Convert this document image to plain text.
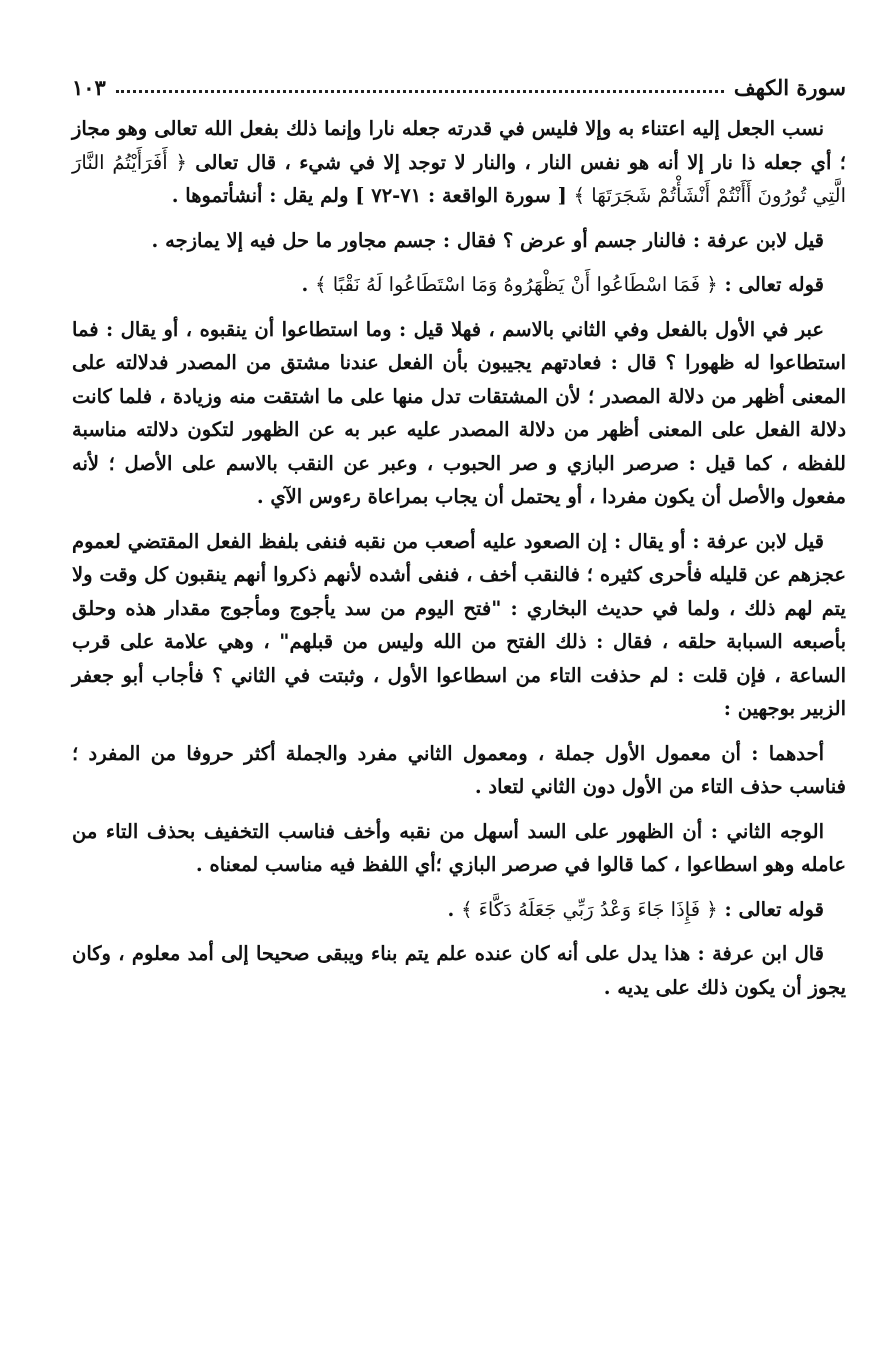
سورة الكهف
١٠٣

نسب الجعل إليه اعتناء به وإلا فليس في قدرته جعله نارا وإنما ذلك بفعل الله تعالى وهو مجاز ؛ أي جعله ذا نار إلا أنه هو نفس النار ، والنار لا توجد إلا في شيء ، قال تعالى ﴿ أَفَرَأَيْتُمُ النَّارَ الَّتِي تُورُونَ أَأَنْتُمْ أَنْشَأْتُمْ شَجَرَتَهَا ﴾ [ سورة الواقعة : ٧١-٧٢ ] ولم يقل : أنشأتموها .

قيل لابن عرفة : فالنار جسم أو عرض ؟ فقال : جسم مجاور ما حل فيه إلا يمازجه .

قوله تعالى : ﴿ فَمَا اسْطَاعُوا أَنْ يَظْهَرُوهُ وَمَا اسْتَطَاعُوا لَهُ نَقْبًا ﴾ .

عبر في الأول بالفعل وفي الثاني بالاسم ، فهلا قيل : وما استطاعوا أن ينقبوه ، أو يقال : فما استطاعوا له ظهورا ؟ قال : فعادتهم يجيبون بأن الفعل عندنا مشتق من المصدر فدلالته على المعنى أظهر من دلالة المصدر ؛ لأن المشتقات تدل منها على ما اشتقت منه وزيادة ، فلما كانت دلالة الفعل على المعنى أظهر من دلالة المصدر عليه عبر به عن الظهور لتكون دلالته مناسبة للفظه ، كما قيل : صرصر البازي و صر الحبوب ، وعبر عن النقب بالاسم على الأصل ؛ لأنه مفعول والأصل أن يكون مفردا ، أو يحتمل أن يجاب بمراعاة رءوس الآي .

قيل لابن عرفة : أو يقال : إن الصعود عليه أصعب من نقبه فنفى بلفظ الفعل المقتضي لعموم عجزهم عن قليله فأحرى كثيره ؛ فالنقب أخف ، فنفى أشده لأنهم ذكروا أنهم ينقبون كل وقت ولا يتم لهم ذلك ، ولما في حديث البخاري : "فتح اليوم من سد يأجوج ومأجوج مقدار هذه وحلق بأصبعه السبابة حلقه ، فقال : ذلك الفتح من الله وليس من قبلهم" ، وهي علامة على قرب الساعة ، فإن قلت : لم حذفت التاء من اسطاعوا الأول ، وثبتت في الثاني ؟ فأجاب أبو جعفر الزبير بوجهين :

أحدهما : أن معمول الأول جملة ، ومعمول الثاني مفرد والجملة أكثر حروفا من المفرد ؛ فناسب حذف التاء من الأول دون الثاني لتعاد .

الوجه الثاني : أن الظهور على السد أسهل من نقبه وأخف فناسب التخفيف بحذف التاء من عامله وهو اسطاعوا ، كما قالوا في صرصر البازي ؛أي اللفظ فيه مناسب لمعناه .

قوله تعالى : ﴿ فَإِذَا جَاءَ وَعْدُ رَبِّي جَعَلَهُ دَكَّاءَ ﴾ .

قال ابن عرفة : هذا يدل على أنه كان عنده علم يتم بناء ويبقى صحيحا إلى أمد معلوم ، وكان يجوز أن يكون ذلك على يديه .
